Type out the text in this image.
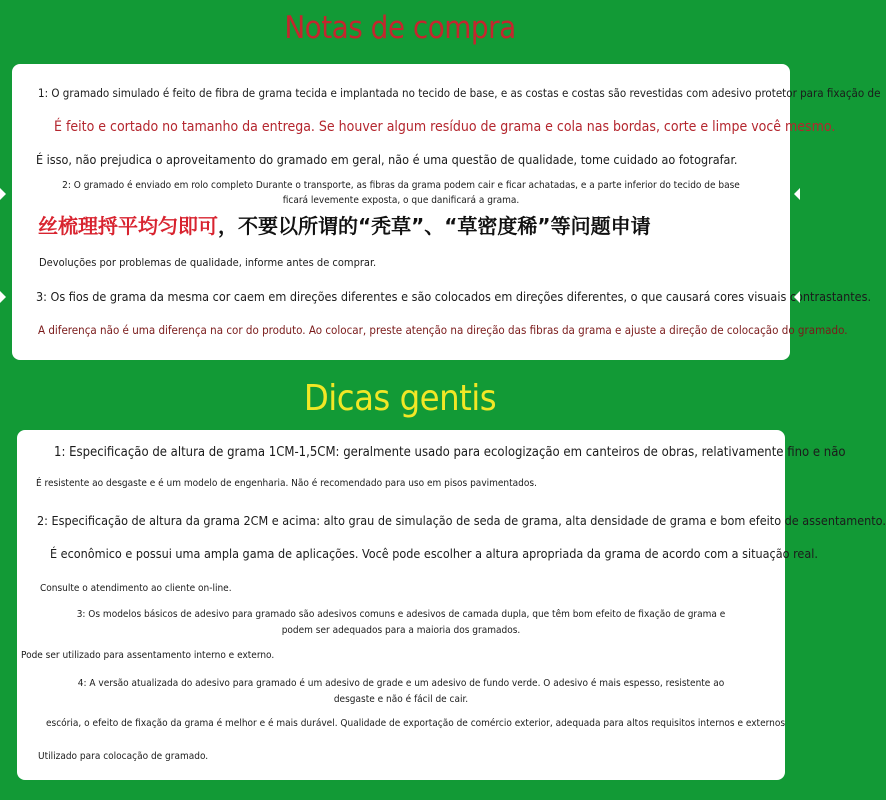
Notas de compra
1: O gramado simulado é feito de fibra de grama tecida e implantada no tecido de base, e as costas e costas são revestidas com adesivo protetor para fixação de
É feito e cortado no tamanho da entrega. Se houver algum resíduo de grama e cola nas bordas, corte e limpe você mesmo.
É isso, não prejudica o aproveitamento do gramado em geral, não é uma questão de qualidade, tome cuidado ao fotografar.
2: O gramado é enviado em rolo completo Durante o transporte, as fibras da grama podem cair e ficar achatadas, e a parte inferior do tecido de base ficará levemente exposta, o que danificará a grama.
丝梳理捋平均匀即可，不要以所谓的“秃草”、“草密度稀”等问题申请
Devoluções por problemas de qualidade, informe antes de comprar.
3: Os fios de grama da mesma cor caem em direções diferentes e são colocados em direções diferentes, o que causará cores visuais contrastantes.
A diferença não é uma diferença na cor do produto. Ao colocar, preste atenção na direção das fibras da grama e ajuste a direção de colocação do gramado.
Dicas gentis
1: Especificação de altura de grama 1CM-1,5CM: geralmente usado para ecologização em canteiros de obras, relativamente fino e não
É resistente ao desgaste e é um modelo de engenharia. Não é recomendado para uso em pisos pavimentados.
2: Especificação de altura da grama 2CM e acima: alto grau de simulação de seda de grama, alta densidade de grama e bom efeito de assentamento.
É econômico e possui uma ampla gama de aplicações. Você pode escolher a altura apropriada da grama de acordo com a situação real.
Consulte o atendimento ao cliente on-line.
3: Os modelos básicos de adesivo para gramado são adesivos comuns e adesivos de camada dupla, que têm bom efeito de fixação de grama e podem ser adequados para a maioria dos gramados.
Pode ser utilizado para assentamento interno e externo.
4: A versão atualizada do adesivo para gramado é um adesivo de grade e um adesivo de fundo verde. O adesivo é mais espesso, resistente ao desgaste e não é fácil de cair.
escória, o efeito de fixação da grama é melhor e é mais durável. Qualidade de exportação de comércio exterior, adequada para altos requisitos internos e externos
Utilizado para colocação de gramado.
